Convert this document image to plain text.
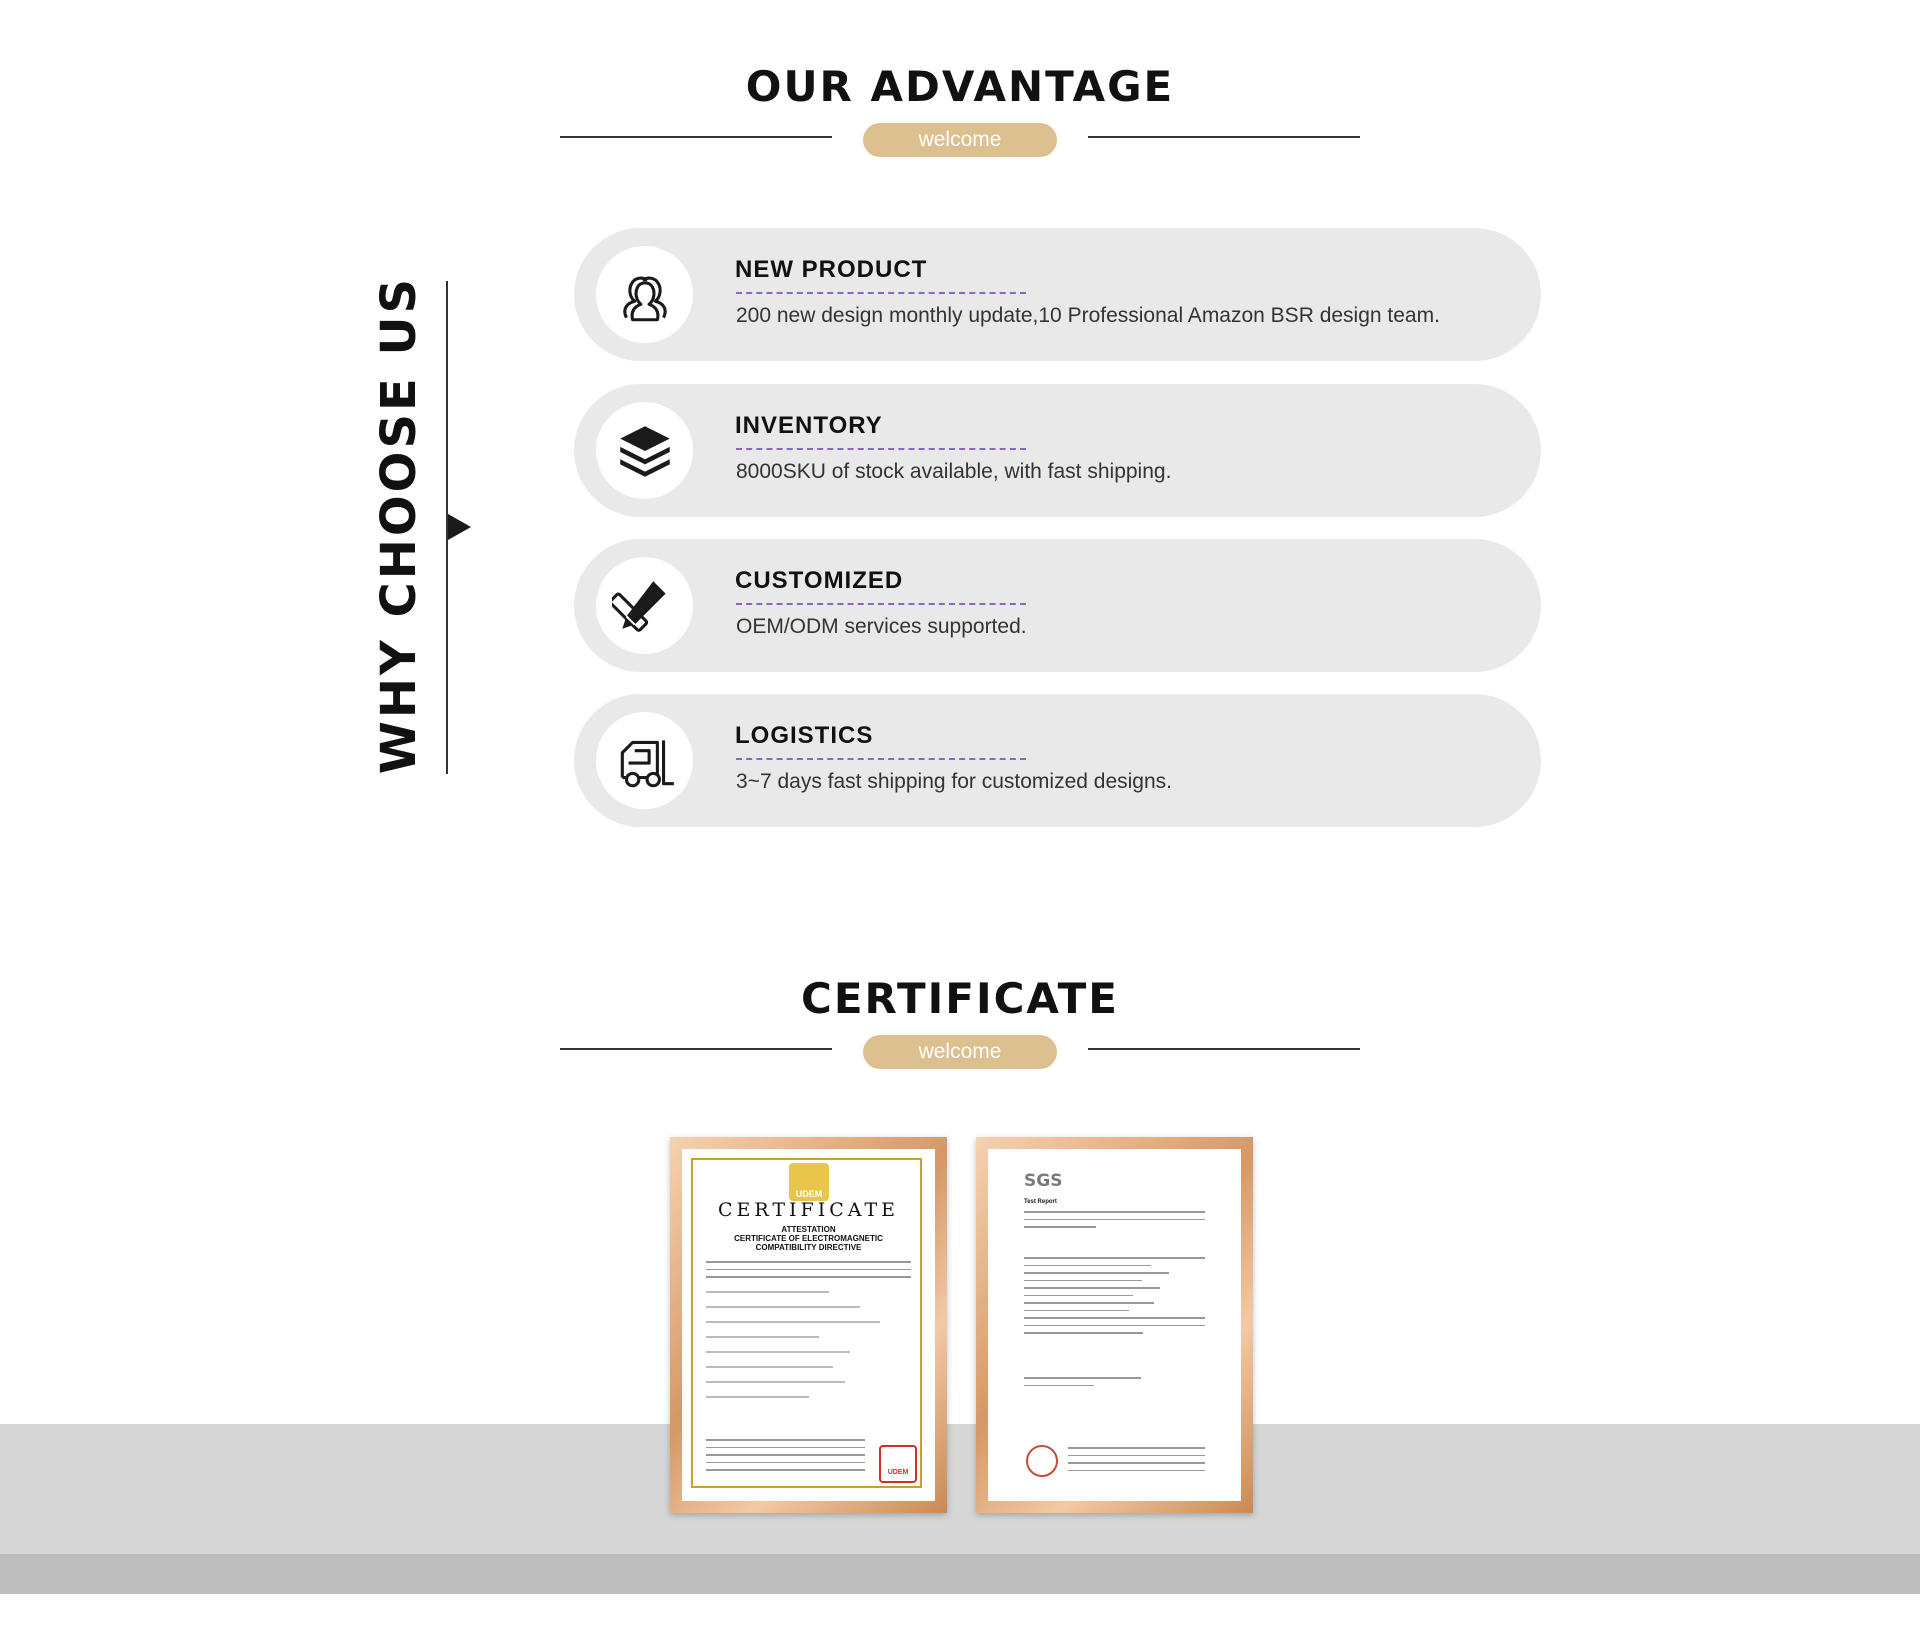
OUR ADVANTAGE
welcome
WHY CHOOSE US
NEW PRODUCT
200 new design monthly update,10 Professional Amazon BSR design team.
INVENTORY
8000SKU of stock available, with fast shipping.
CUSTOMIZED
OEM/ODM services supported.
LOGISTICS
3~7 days fast shipping for customized designs.
CERTIFICATE
welcome
UDEM
CERTIFICATE
ATTESTATION
CERTIFICATE OF ELECTROMAGNETIC
COMPATIBILITY DIRECTIVE
UDEM
SGS
Test Report
